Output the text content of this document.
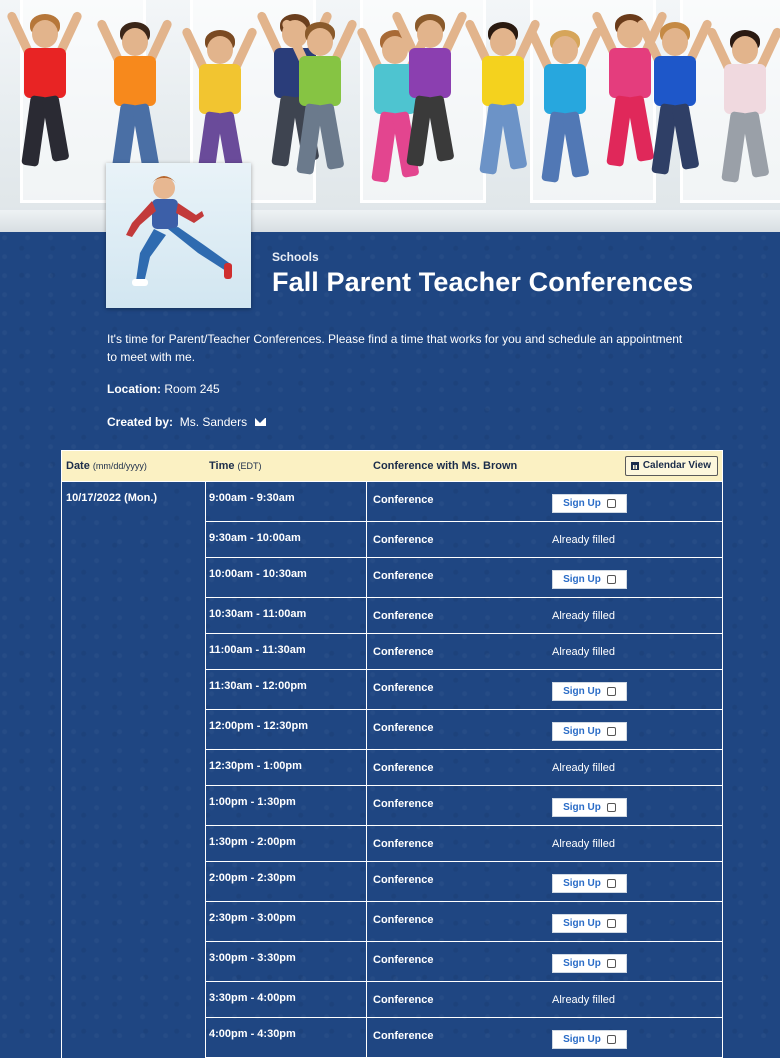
Schools
Fall Parent Teacher Conferences
It's time for Parent/Teacher Conferences. Please find a time that works for you and schedule an appointment to meet with me.
Location: Room 245
Created by: Ms. Sanders
Date (mm/dd/yyyy)	Time (EDT)	Conference with Ms. Brown	Calendar View
10/17/2022 (Mon.)	9:00am - 9:30am	Conference	Sign Up
9:30am - 10:00am	Conference	Already filled
10:00am - 10:30am	Conference	Sign Up
10:30am - 11:00am	Conference	Already filled
11:00am - 11:30am	Conference	Already filled
11:30am - 12:00pm	Conference	Sign Up
12:00pm - 12:30pm	Conference	Sign Up
12:30pm - 1:00pm	Conference	Already filled
1:00pm - 1:30pm	Conference	Sign Up
1:30pm - 2:00pm	Conference	Already filled
2:00pm - 2:30pm	Conference	Sign Up
2:30pm - 3:00pm	Conference	Sign Up
3:00pm - 3:30pm	Conference	Sign Up
3:30pm - 4:00pm	Conference	Already filled
4:00pm - 4:30pm	Conference	Sign Up
